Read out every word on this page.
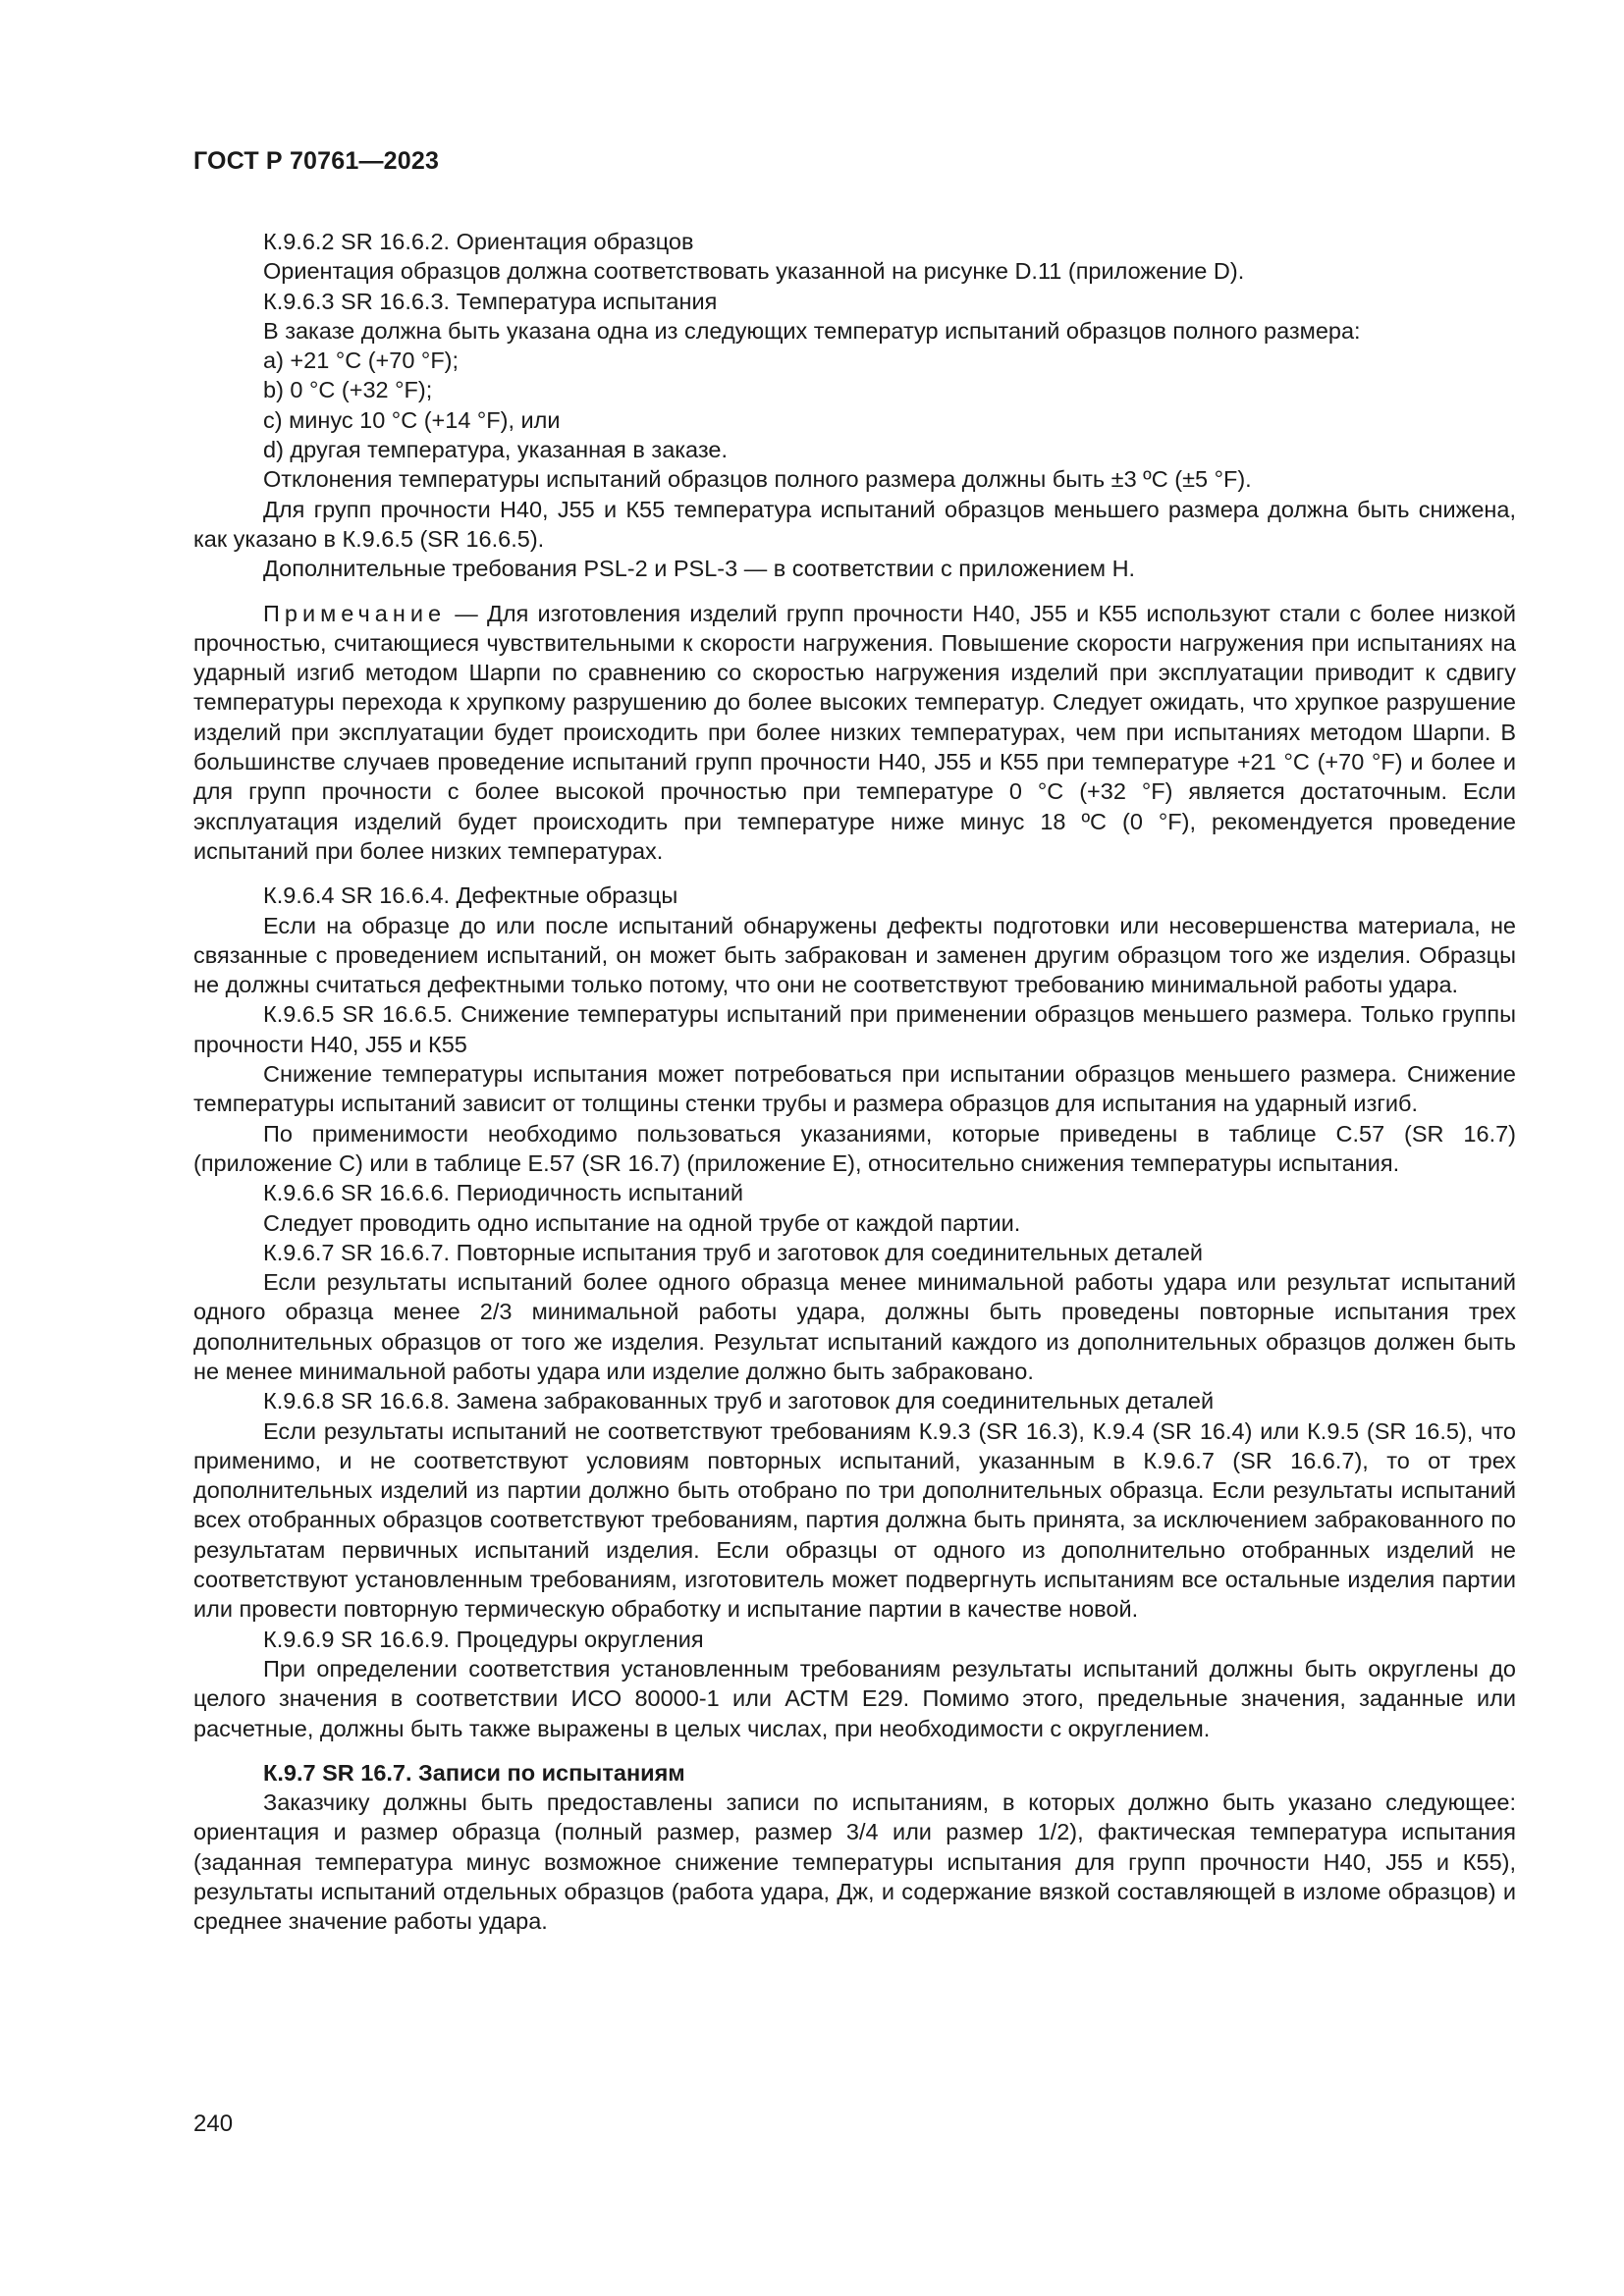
ГОСТ Р 70761—2023

К.9.6.2 SR 16.6.2. Ориентация образцов

Ориентация образцов должна соответствовать указанной на рисунке D.11 (приложение D).

К.9.6.3 SR 16.6.3. Температура испытания

В заказе должна быть указана одна из следующих температур испытаний образцов полного размера:

a) +21 °C (+70 °F);

b) 0 °C (+32 °F);

c) минус 10 °C (+14 °F), или

d) другая температура, указанная в заказе.

Отклонения температуры испытаний образцов полного размера должны быть ±3 ºС (±5 °F).

Для групп прочности Н40, J55 и К55 температура испытаний образцов меньшего размера должна быть снижена, как указано в К.9.6.5 (SR 16.6.5).

Дополнительные требования PSL-2 и PSL-3 — в соответствии с приложением Н.

Примечание — Для изготовления изделий групп прочности Н40, J55 и К55 используют стали с более низкой прочностью, считающиеся чувствительными к скорости нагружения. Повышение скорости нагружения при испытаниях на ударный изгиб методом Шарпи по сравнению со скоростью нагружения изделий при эксплуатации приводит к сдвигу температуры перехода к хрупкому разрушению до более высоких температур. Следует ожидать, что хрупкое разрушение изделий при эксплуатации будет происходить при более низких температурах, чем при испытаниях методом Шарпи. В большинстве случаев проведение испытаний групп прочности Н40, J55 и К55 при температуре +21 °C (+70 °F) и более и для групп прочности с более высокой прочностью при температуре 0 °C (+32 °F) является достаточным. Если эксплуатация изделий будет происходить при температуре ниже минус 18 ºС (0 °F), рекомендуется проведение испытаний при более низких температурах.

К.9.6.4 SR 16.6.4. Дефектные образцы

Если на образце до или после испытаний обнаружены дефекты подготовки или несовершенства материала, не связанные с проведением испытаний, он может быть забракован и заменен другим образцом того же изделия. Образцы не должны считаться дефектными только потому, что они не соответствуют требованию минимальной работы удара.

К.9.6.5 SR 16.6.5. Снижение температуры испытаний при применении образцов меньшего размера. Только группы прочности Н40, J55 и К55

Снижение температуры испытания может потребоваться при испытании образцов меньшего размера. Снижение температуры испытаний зависит от толщины стенки трубы и размера образцов для испытания на ударный изгиб.

По применимости необходимо пользоваться указаниями, которые приведены в таблице С.57 (SR 16.7) (приложение С) или в таблице Е.57 (SR 16.7) (приложение Е), относительно снижения температуры испытания.

К.9.6.6 SR 16.6.6. Периодичность испытаний

Следует проводить одно испытание на одной трубе от каждой партии.

К.9.6.7 SR 16.6.7. Повторные испытания труб и заготовок для соединительных деталей

Если результаты испытаний более одного образца менее минимальной работы удара или результат испытаний одного образца менее 2/3 минимальной работы удара, должны быть проведены повторные испытания трех дополнительных образцов от того же изделия. Результат испытаний каждого из дополнительных образцов должен быть не менее минимальной работы удара или изделие должно быть забраковано.

К.9.6.8 SR 16.6.8. Замена забракованных труб и заготовок для соединительных деталей

Если результаты испытаний не соответствуют требованиям К.9.3 (SR 16.3), К.9.4 (SR 16.4) или К.9.5 (SR 16.5), что применимо, и не соответствуют условиям повторных испытаний, указанным в К.9.6.7 (SR 16.6.7), то от трех дополнительных изделий из партии должно быть отобрано по три дополнительных образца. Если результаты испытаний всех отобранных образцов соответствуют требованиям, партия должна быть принята, за исключением забракованного по результатам первичных испытаний изделия. Если образцы от одного из дополнительно отобранных изделий не соответствуют установленным требованиям, изготовитель может подвергнуть испытаниям все остальные изделия партии или провести повторную термическую обработку и испытание партии в качестве новой.

К.9.6.9 SR 16.6.9. Процедуры округления

При определении соответствия установленным требованиям результаты испытаний должны быть округлены до целого значения в соответствии ИСО 80000-1 или АСТМ Е29. Помимо этого, предельные значения, заданные или расчетные, должны быть также выражены в целых числах, при необходимости с округлением.

К.9.7 SR 16.7. Записи по испытаниям

Заказчику должны быть предоставлены записи по испытаниям, в которых должно быть указано следующее: ориентация и размер образца (полный размер, размер 3/4 или размер 1/2), фактическая температура испытания (заданная температура минус возможное снижение температуры испытания для групп прочности Н40, J55 и К55), результаты испытаний отдельных образцов (работа удара, Дж, и содержание вязкой составляющей в изломе образцов) и среднее значение работы удара.

240
